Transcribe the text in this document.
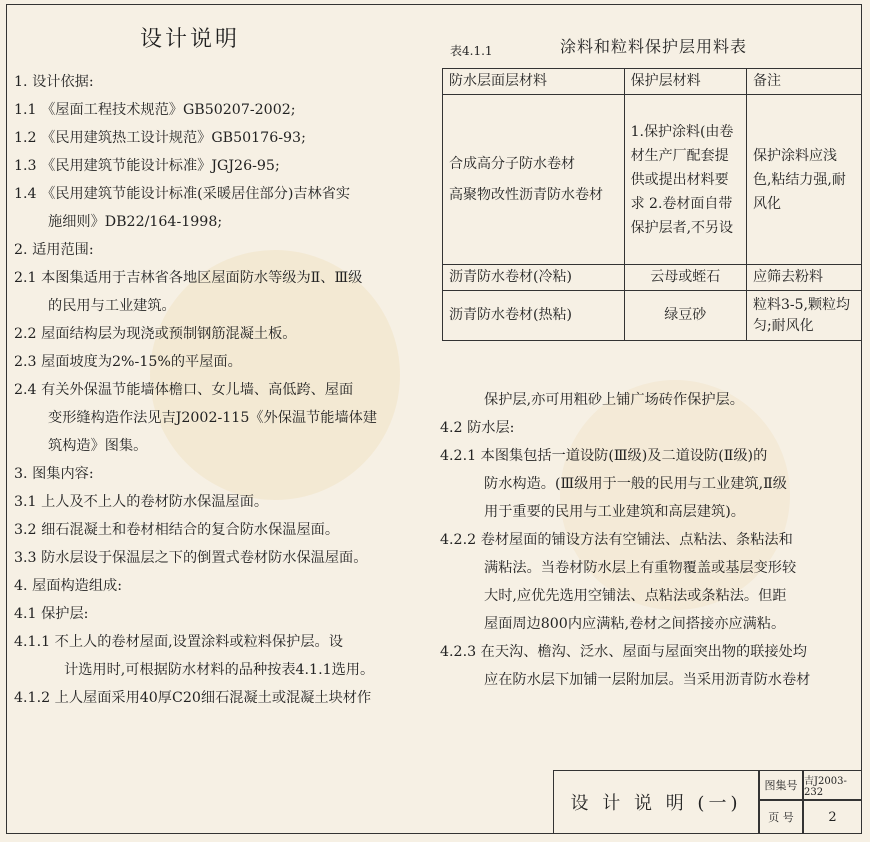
设计说明
1. 设计依据:
1.1 《屋面工程技术规范》GB50207-2002;
1.2 《民用建筑热工设计规范》GB50176-93;
1.3 《民用建筑节能设计标准》JGJ26-95;
1.4 《民用建筑节能设计标准(采暖居住部分)吉林省实
施细则》DB22/164-1998;
2. 适用范围:
2.1 本图集适用于吉林省各地区屋面防水等级为Ⅱ、Ⅲ级
的民用与工业建筑。
2.2 屋面结构层为现浇或预制钢筋混凝土板。
2.3 屋面坡度为2%-15%的平屋面。
2.4 有关外保温节能墙体檐口、女儿墙、高低跨、屋面
变形缝构造作法见吉J2002-115《外保温节能墙体建
筑构造》图集。
3. 图集内容:
3.1 上人及不上人的卷材防水保温屋面。
3.2 细石混凝土和卷材相结合的复合防水保温屋面。
3.3 防水层设于保温层之下的倒置式卷材防水保温屋面。
4. 屋面构造组成:
4.1 保护层:
4.1.1 不上人的卷材屋面,设置涂料或粒料保护层。设
计选用时,可根据防水材料的品种按表4.1.1选用。
4.1.2 上人屋面采用40厚C20细石混凝土或混凝土块材作
保护层,亦可用粗砂上铺广场砖作保护层。
4.2 防水层:
4.2.1 本图集包括一道设防(Ⅲ级)及二道设防(Ⅱ级)的
防水构造。(Ⅲ级用于一般的民用与工业建筑,Ⅱ级
用于重要的民用与工业建筑和高层建筑)。
4.2.2 卷材屋面的铺设方法有空铺法、点粘法、条粘法和
满粘法。当卷材防水层上有重物覆盖或基层变形较
大时,应优先选用空铺法、点粘法或条粘法。但距
屋面周边800内应满粘,卷材之间搭接亦应满粘。
4.2.3 在天沟、檐沟、泛水、屋面与屋面突出物的联接处均
应在防水层下加铺一层附加层。当采用沥青防水卷材
表4.1.1	涂料和粒料保护层用料表
防水层面层材料	保护层材料	备注

合成高分子防水卷材
高聚物改性沥青防水卷材	1.保护涂料(由卷材生产厂配套提供或提出材料要求 2.卷材面自带保护层者,不另设	保护涂料应浅色,粘结力强,耐风化
沥青防水卷材(冷粘)	云母或蛭石	应筛去粉料
沥青防水卷材(热粘)	绿豆砂	粒料3-5,颗粒均匀;耐风化
设 计 说 明 (一)
图集号 吉J2003-232
页 号	2
